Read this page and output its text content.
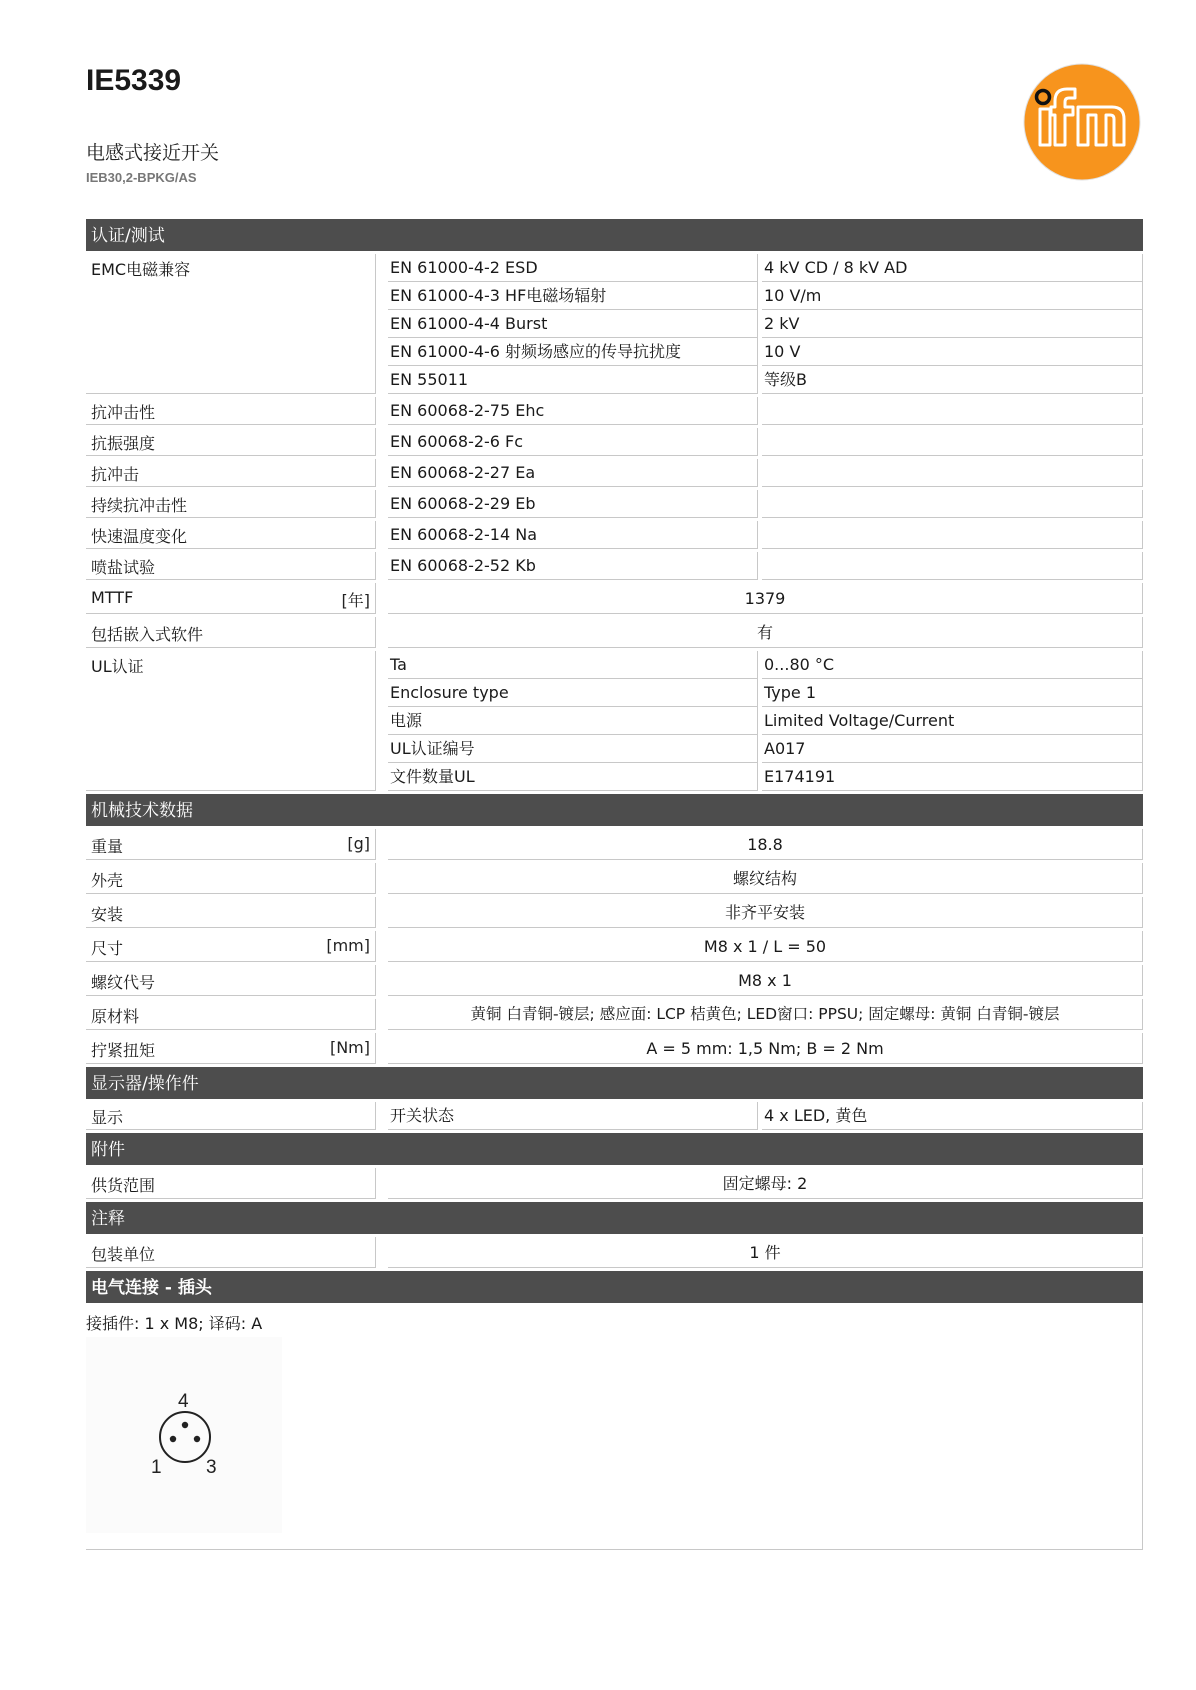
IE5339
电感式接近开关
IEB30,2-BPKG/AS
认证/测试
EMC电磁兼容	EN 61000-4-2 ESD	4 kV CD / 8 kV AD
EN 61000-4-3 HF电磁场辐射	10 V/m
EN 61000-4-4 Burst	2 kV
EN 61000-4-6 射频场感应的传导抗扰度	10 V
EN 55011	等级B
抗冲击性	EN 60068-2-75 Ehc
抗振强度	EN 60068-2-6 Fc
抗冲击	EN 60068-2-27 Ea
持续抗冲击性	EN 60068-2-29 Eb
快速温度变化	EN 60068-2-14 Na
喷盐试验	EN 60068-2-52 Kb
MTTF	[年]	1379
包括嵌入式软件	有
UL认证	Ta	0...80 °C
Enclosure type	Type 1
电源	Limited Voltage/Current
UL认证编号	A017
文件数量UL	E174191
机械技术数据
重量	[g]	18.8
外壳	螺纹结构
安装	非齐平安装
尺寸	[mm]	M8 x 1 / L = 50
螺纹代号	M8 x 1
原材料	黄铜 白青铜-镀层; 感应面: LCP 桔黄色; LED窗口: PPSU; 固定螺母: 黄铜 白青铜-镀层
拧紧扭矩	[Nm]	A = 5 mm: 1,5 Nm; B = 2 Nm
显示器/操作件
显示	开关状态	4 x LED, 黄色
附件
供货范围	固定螺母: 2
注释
包装单位	1 件
电气连接 - 插头
接插件: 1 x M8; 译码: A
4
1 3
